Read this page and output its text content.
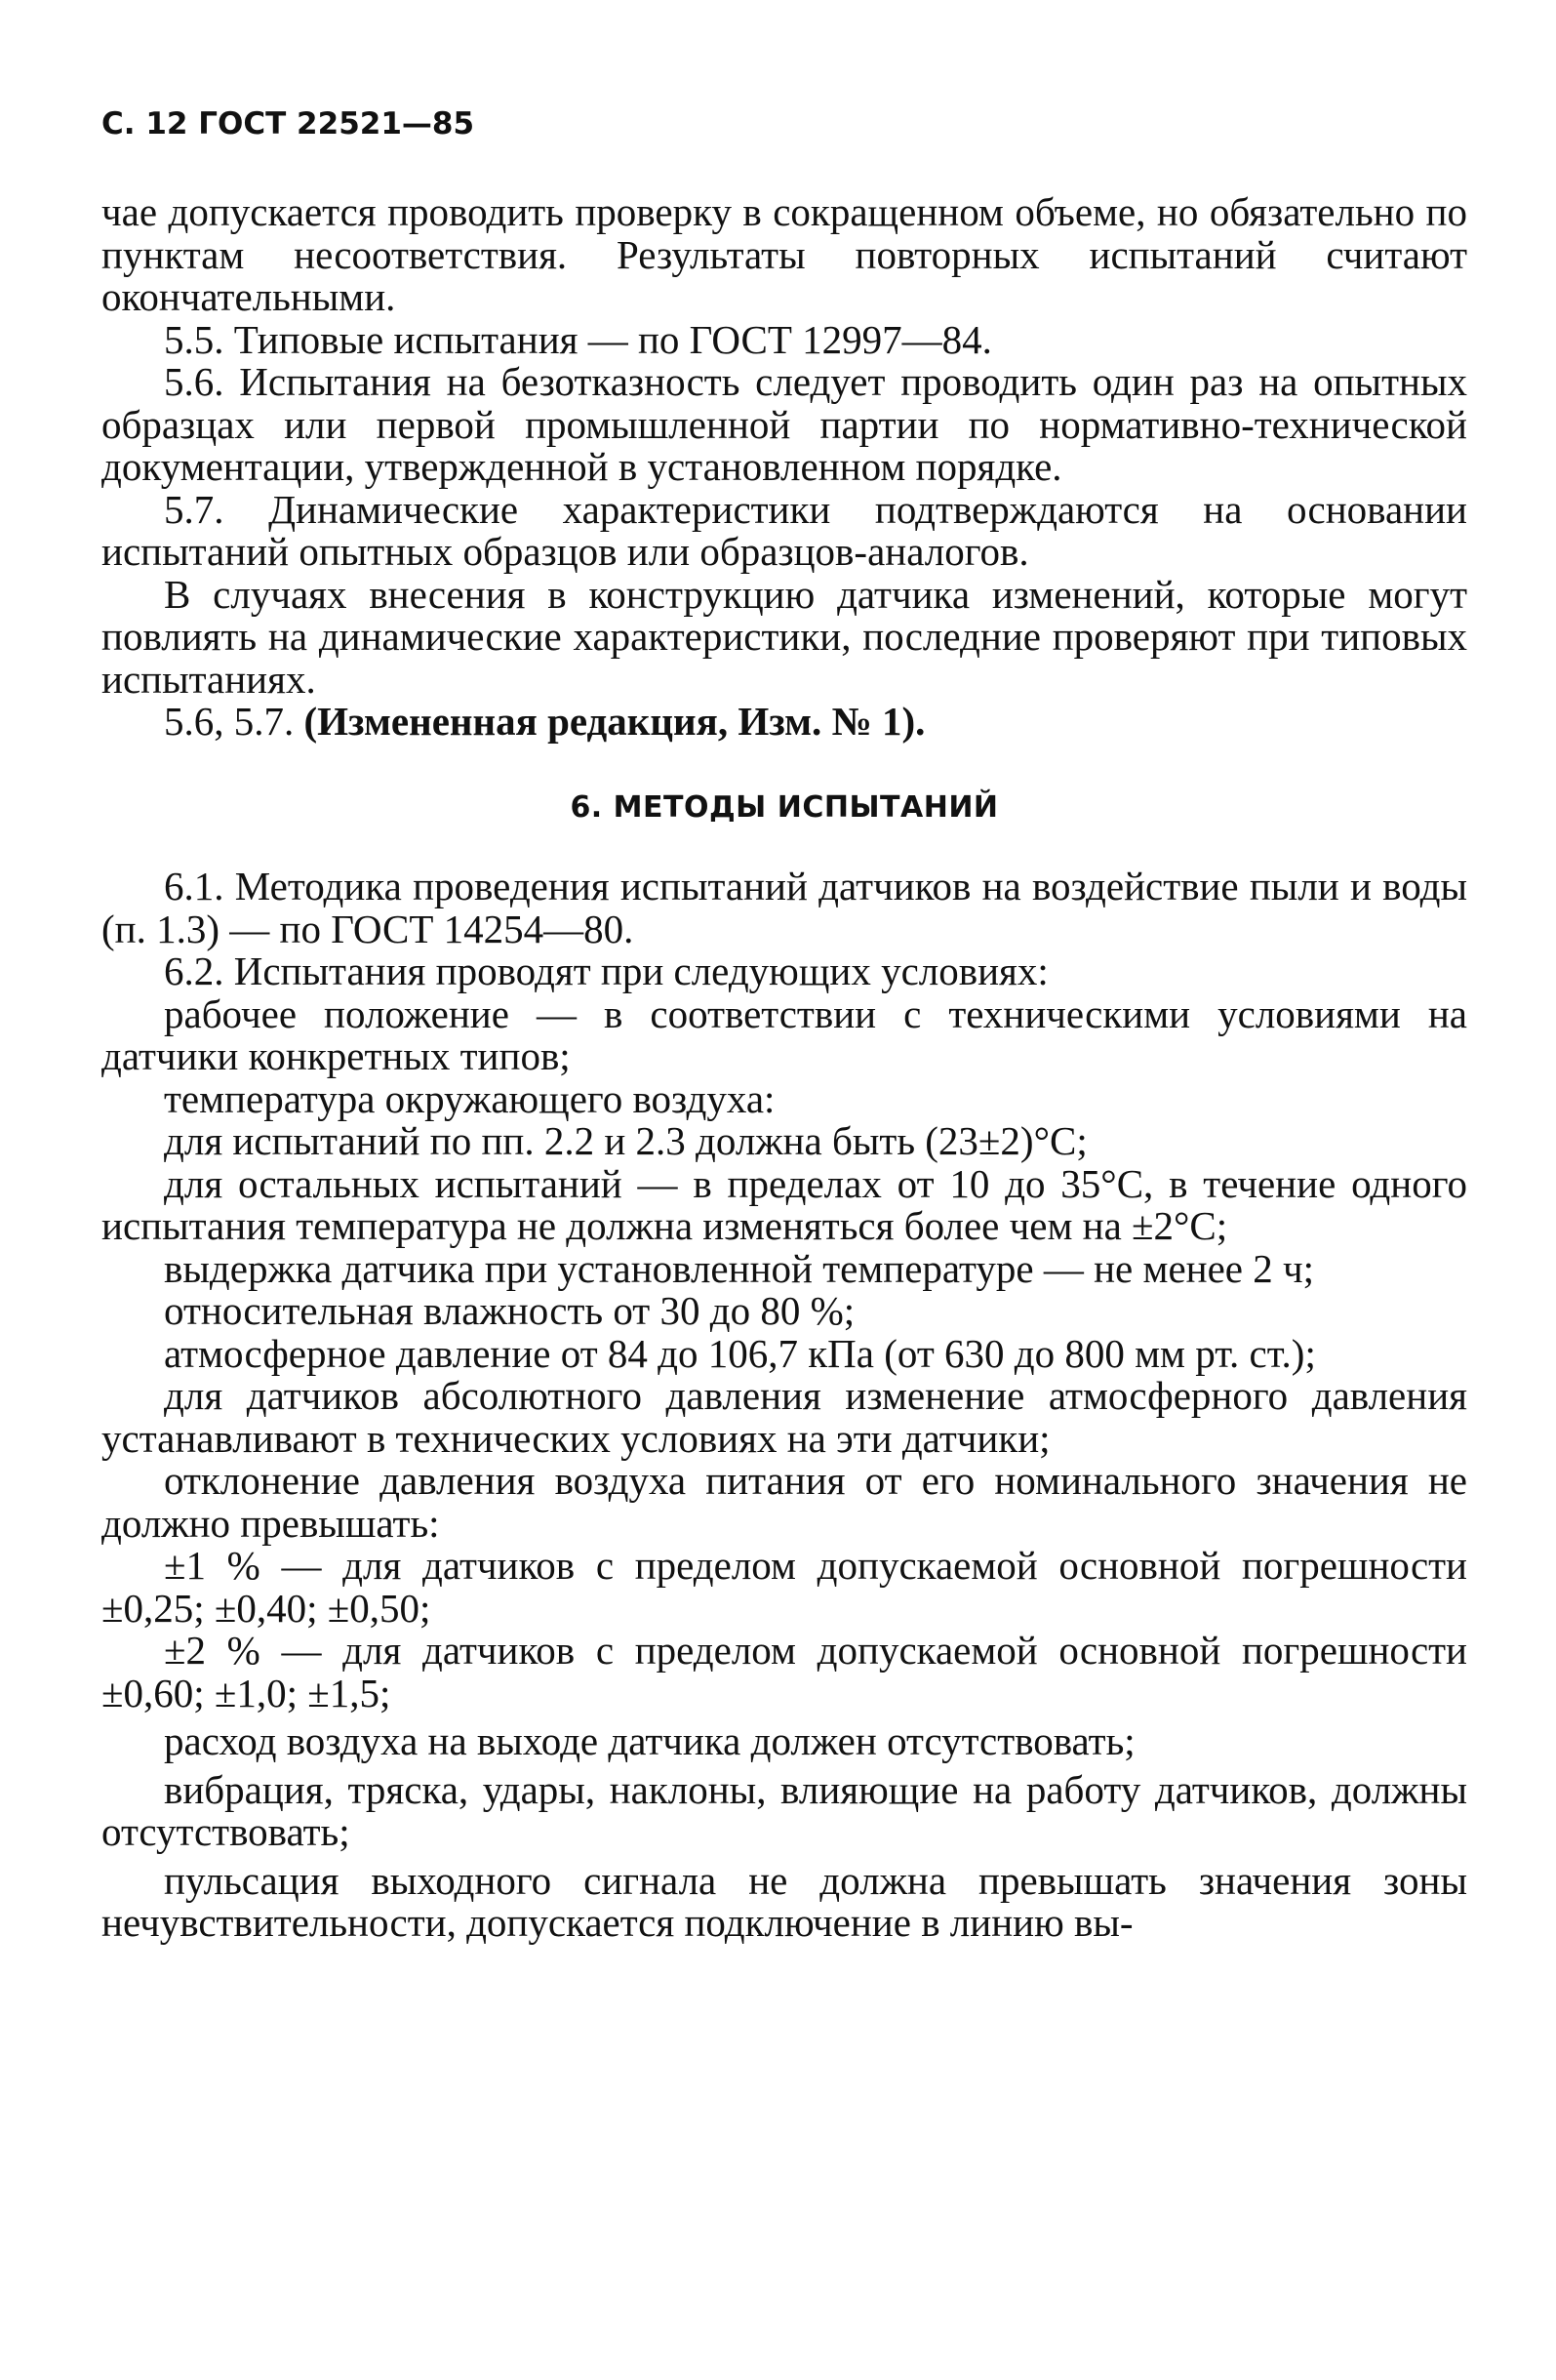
С. 12 ГОСТ 22521—85

чае допускается проводить проверку в сокращенном объеме, но обязательно по пунктам несоответствия. Результаты повторных испытаний считают окончательными.

5.5. Типовые испытания — по ГОСТ 12997—84.

5.6. Испытания на безотказность следует проводить один раз на опытных образцах или первой промышленной партии по нормативно-технической документации, утвержденной в установленном порядке.

5.7. Динамические характеристики подтверждаются на основании испытаний опытных образцов или образцов-аналогов.

В случаях внесения в конструкцию датчика изменений, которые могут повлиять на динамические характеристики, последние проверяют при типовых испытаниях.

5.6, 5.7. (Измененная редакция, Изм. № 1).

6. МЕТОДЫ ИСПЫТАНИЙ

6.1. Методика проведения испытаний датчиков на воздействие пыли и воды (п. 1.3) — по ГОСТ 14254—80.

6.2. Испытания проводят при следующих условиях:

рабочее положение — в соответствии с техническими условиями на датчики конкретных типов;

температура окружающего воздуха:

для испытаний по пп. 2.2 и 2.3 должна быть (23±2)°С;

для остальных испытаний — в пределах от 10 до 35°С, в течение одного испытания температура не должна изменяться более чем на ±2°С;

выдержка датчика при установленной температуре — не менее 2 ч;

относительная влажность от 30 до 80 %;

атмосферное давление от 84 до 106,7 кПа (от 630 до 800 мм рт. ст.);

для датчиков абсолютного давления изменение атмосферного давления устанавливают в технических условиях на эти датчики;

отклонение давления воздуха питания от его номинального значения не должно превышать:

±1 % — для датчиков с пределом допускаемой основной погрешности ±0,25; ±0,40; ±0,50;

±2 % — для датчиков с пределом допускаемой основной погрешности ±0,60; ±1,0; ±1,5;

расход воздуха на выходе датчика должен отсутствовать;

вибрация, тряска, удары, наклоны, влияющие на работу датчиков, должны отсутствовать;

пульсация выходного сигнала не должна превышать значения зоны нечувствительности, допускается подключение в линию вы-
